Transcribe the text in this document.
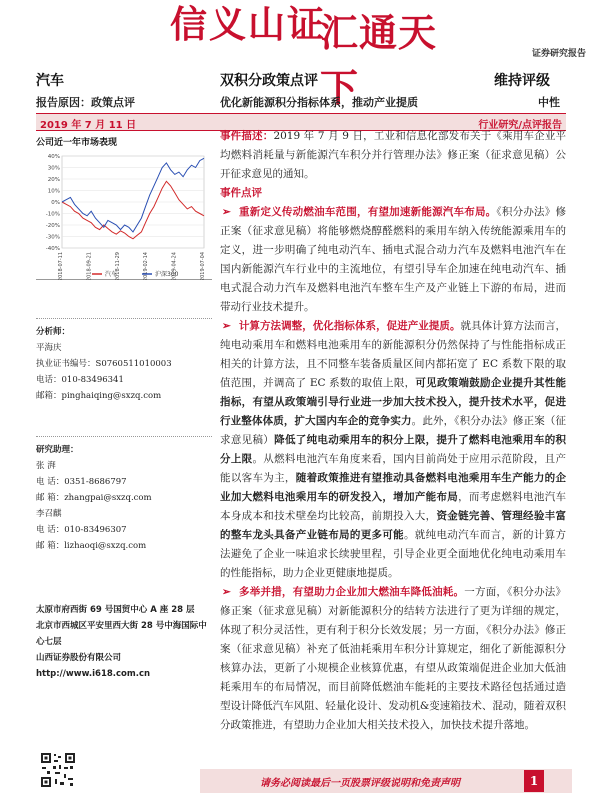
信义山证
汇通天下
证券研究报告
汽车	双积分政策点评	维持评级
报告原因：政策点评	优化新能源积分指标体系，推动产业提质	中性
2019 年 7 月 11 日	行业研究/点评报告
公司近一年市场表现
40%
30%
20%
10%
0%
-10%
-20%
-30%
-40%
2018-07-11	2018-09-21	2018-11-29	2019-02-14	2019-04-24	2019-07-04
汽车	沪深300
分析师：
平海庆
执业证书编号：S0760511010003
电话：010-83496341
邮箱：pinghaiqing@sxzq.com
研究助理：
张 湃
电 话：0351-8686797
邮 箱：zhangpai@sxzq.com
李召麒
电 话：010-83496307
邮 箱：lizhaoqi@sxzq.com
太原市府西街 69 号国贸中心 A 座 28 层
北京市西城区平安里西大街 28 号中海国际中心七层
山西证券股份有限公司
http://www.i618.com.cn

事件描述：2019 年 7 月 9 日，工业和信息化部发布关于《乘用车企业平均燃料消耗量与新能源汽车积分并行管理办法》修正案（征求意见稿）公开征求意见的通知。

事件点评

➢ 重新定义传动燃油车范围，有望加速新能源汽车布局。《积分办法》修正案（征求意见稿）将能够燃烧醇醛燃料的乘用车纳入传统能源乘用车的定义，进一步明确了纯电动汽车、插电式混合动力汽车及燃料电池汽车在国内新能源汽车行业中的主流地位，有望引导车企加速在纯电动汽车、插电式混合动力汽车及燃料电池汽车整车生产及产业链上下游的布局，进而带动行业技术提升。

➢ 计算方法调整，优化指标体系，促进产业提质。就具体计算方法而言，纯电动乘用车和燃料电池乘用车的新能源积分仍然保持了与性能指标成正相关的计算方法，且不同整车装备质量区间内都拓宽了 EC 系数下限的取值范围，并调高了 EC 系数的取值上限，可见政策端鼓励企业提升其性能指标，有望从政策端引导行业进一步加大技术投入，提升技术水平，促进行业整体体质，扩大国内车企的竞争实力。此外，《积分办法》修正案（征求意见稿）降低了纯电动乘用车的积分上限，提升了燃料电池乘用车的积分上限。从燃料电池汽车角度来看，国内目前尚处于应用示范阶段，且产能以客车为主，随着政策推进有望推动具备燃料电池乘用车生产能力的企业加大燃料电池乘用车的研发投入，增加产能布局，而考虑燃料电池汽车本身成本和技术壁垒均比较高，前期投入大，资金链完善、管理经验丰富的整车龙头具备产业链布局的更多可能。就纯电动汽车而言，新的计算方法避免了企业一味追求长续驶里程，引导企业更全面地优化纯电动乘用车的性能指标，助力企业更健康地提质。

➢ 多举并措，有望助力企业加大燃油车降低油耗。一方面，《积分办法》修正案（征求意见稿）对新能源积分的结转方法进行了更为详细的规定，体现了积分灵活性，更有利于积分长效发展；另一方面，《积分办法》修正案（征求意见稿）补充了低油耗乘用车积分计算规定，细化了新能源积分核算办法，更新了小规模企业核算优惠，有望从政策端促进企业加大低油耗乘用车的布局情况，而目前降低燃油车能耗的主要技术路径包括通过造型设计降低汽车风阻、轻量化设计、发动机&变速箱技术、混动，随着双积分政策推进，有望助力企业加大相关技术投入，加快技术提升落地。

请务必阅读最后一页股票评级说明和免责声明	1
